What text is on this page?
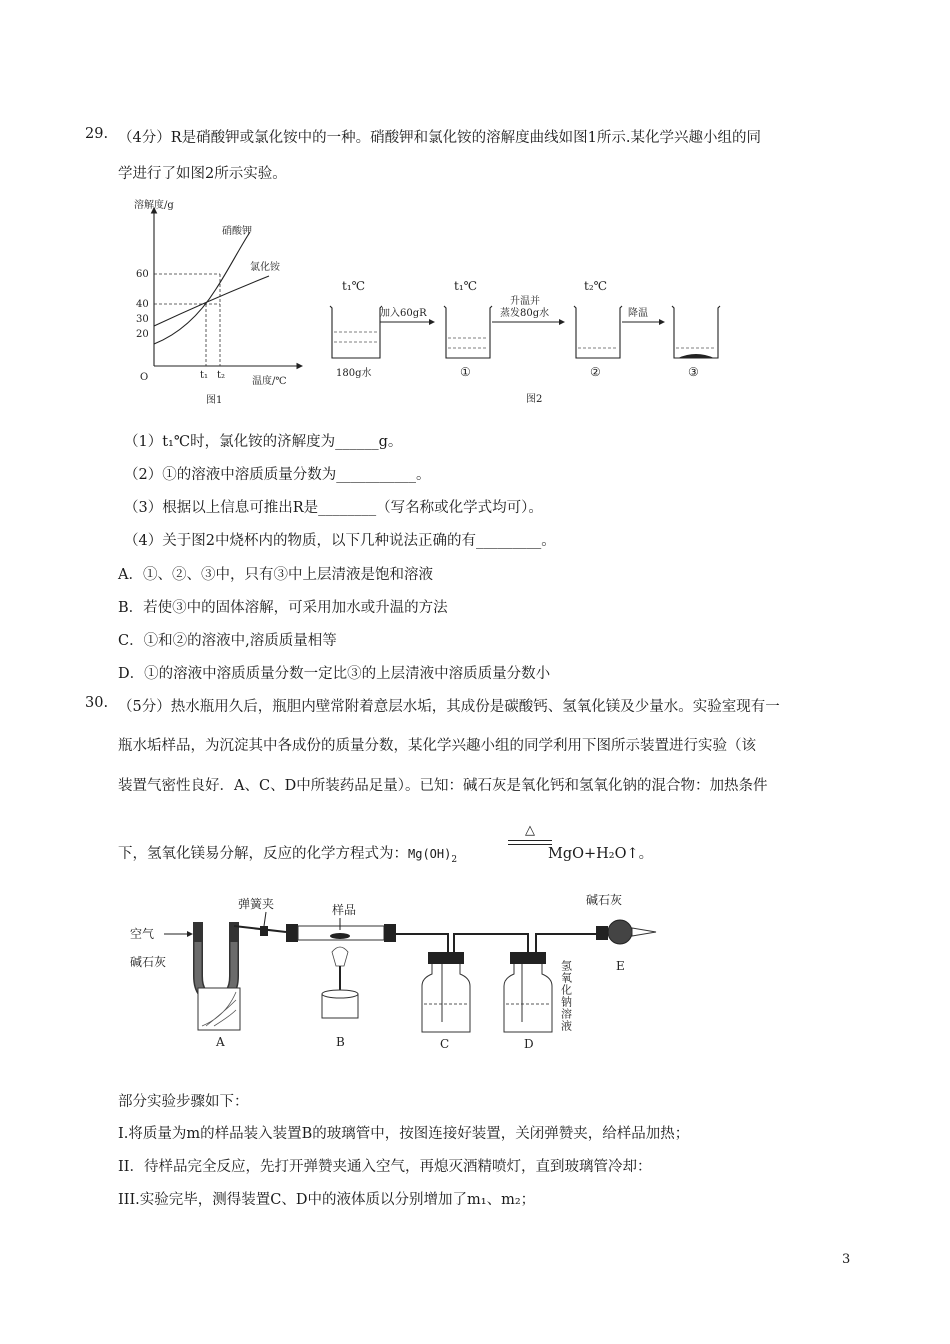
29. （4分）R是硝酸钾或氯化铵中的一种。硝酸钾和氯化铵的溶解度曲线如图1所示.某化学兴趣小组的同
学进行了如图2所示实验。
溶解度/g
温度/℃
O
60
40
30
20
硝酸钾
氯化铵
t₁ t₂
图1
t₁℃	t₁℃	t₂℃
180g水
加入60gR
①
升温并
蒸发80g水
②
降温
③
图2
（1）t₁℃时，氯化铵的济解度为______g。
（2）①的溶液中溶质质量分数为___________。
（3）根据以上信息可推出R是________（写名称或化学式均可）。
（4）关于图2中烧杯内的物质，以下几种说法正确的有_________。
A．①、②、③中，只有③中上层清液是饱和溶液
B．若使③中的固体溶解，可采用加水或升温的方法
C．①和②的溶液中,溶质质量相等
D．①的溶液中溶质质量分数一定比③的上层清液中溶质质量分数小
30. （5分）热水瓶用久后，瓶胆内壁常附着意层水垢，其成份是碳酸钙、氢氧化镁及少量水。实验室现有一
瓶水垢样品，为沉淀其中各成份的质量分数，某化学兴趣小组的同学利用下图所示装置进行实验（该
装置气密性良好．A、C、D中所装药品足量）。已知：碱石灰是氧化钙和氢氧化钠的混合物：加热条件
下，氢氧化镁易分解，反应的化学方程式为：$Mg(OH)_2$
△
MgO+H₂O↑。
空气
碱石灰
A
弹簧夹	样品
B	C	D
氢氧化钠溶液
碱石灰
E
部分实验步骤如下：
I.将质量为m的样品装入装置B的玻璃管中，按图连接好装置，关闭弹赞夹，给样品加热；
II．待样品完全反应，先打开弹赞夹通入空气，再熄灭酒精喷灯，直到玻璃管冷却：
III.实验完毕，测得装置C、D中的液体质以分别增加了m₁、m₂；
3
